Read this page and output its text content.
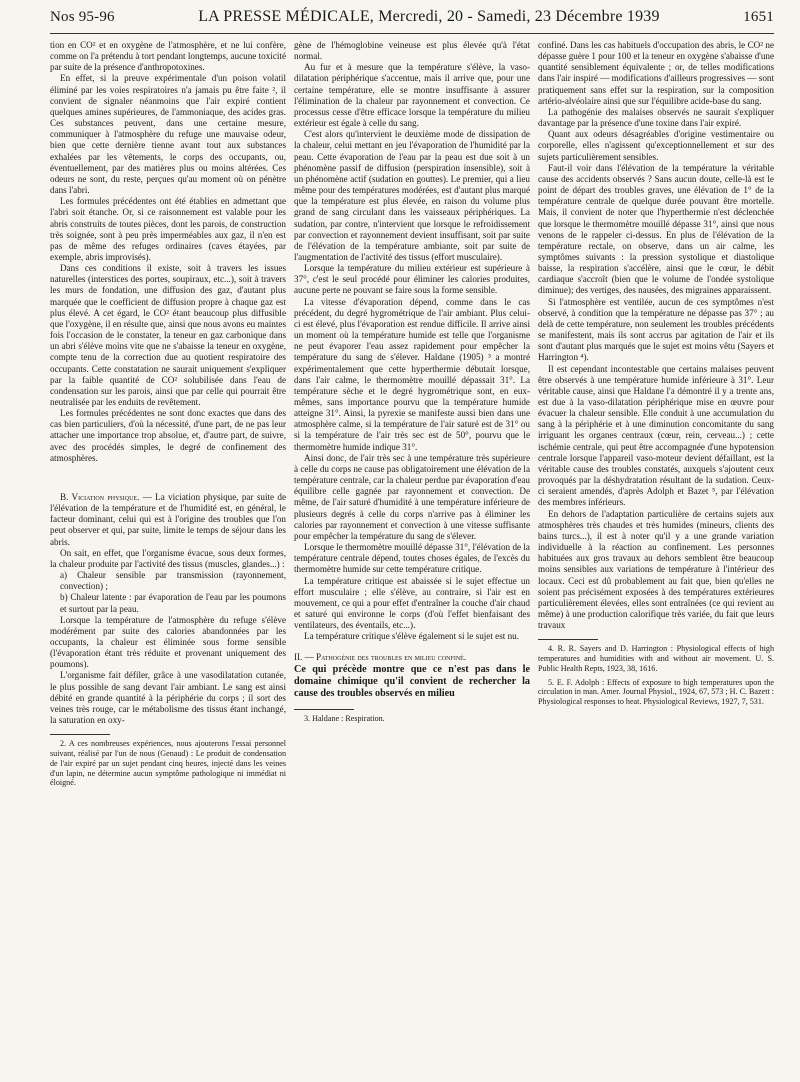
Nos 95-96	LA PRESSE MÉDICALE, Mercredi, 20 - Samedi, 23 Décembre 1939	1651

tion en CO² et en oxygène de l'atmosphère, et ne lui confère, comme on l'a prétendu à tort pendant longtemps, aucune toxicité par suite de la présence d'anthropotoxines.

En effet, si la preuve expérimentale d'un poison volatil éliminé par les voies respiratoires n'a jamais pu être faite ², il convient de signaler néanmoins que l'air expiré contient quelques amines supérieures, de l'ammoniaque, des acides gras. Ces substances peuvent, dans une certaine mesure, communiquer à l'atmosphère du refuge une mauvaise odeur, bien que cette dernière tienne avant tout aux substances exhalées par les vêtements, le corps des occupants, ou, éventuellement, par des matières plus ou moins altérées. Ces odeurs ne sont, du reste, perçues qu'au moment où on pénètre dans l'abri.

Les formules précédentes ont été établies en admettant que l'abri soit étanche. Or, si ce raisonnement est valable pour les abris construits de toutes pièces, dont les parois, de construction très soignée, sont à peu près imperméables aux gaz, il n'en est pas de même des refuges ordinaires (caves étayées, par exemple, abris improvisés).

Dans ces conditions il existe, soit à travers les issues naturelles (interstices des portes, soupiraux, etc...), soit à travers les murs de fondation, une diffusion des gaz, d'autant plus marquée que le coefficient de diffusion propre à chaque gaz est plus élevé. A cet égard, le CO² étant beaucoup plus diffusible que l'oxygène, il en résulte que, ainsi que nous avons eu maintes fois l'occasion de le constater, la teneur en gaz carbonique dans un abri s'élève moins vite que ne s'abaisse la teneur en oxygène, compte tenu de la correction due au quotient respiratoire des occupants. Cette constatation ne saurait uniquement s'expliquer par la faible quantité de CO² solubilisée dans l'eau de condensation sur les parois, ainsi que par celle qui pourrait être neutralisée par les enduits de revêtement.

Les formules précédentes ne sont donc exactes que dans des cas bien particuliers, d'où la nécessité, d'une part, de ne pas leur attacher une importance trop absolue, et, d'autre part, de suivre, avec des procédés simples, le degré de confinement des atmosphères.

B. Viciation physique. — La viciation physique, par suite de l'élévation de la température et de l'humidité est, en général, le facteur dominant, celui qui est à l'origine des troubles que l'on peut observer et qui, par suite, limite le temps de séjour dans les abris.

On sait, en effet, que l'organisme évacue, sous deux formes, la chaleur produite par l'activité des tissus (muscles, glandes...) :

a) Chaleur sensible par transmission (rayonnement, convection) ;
b) Chaleur latente : par évaporation de l'eau par les poumons et surtout par la peau.

Lorsque la température de l'atmosphère du refuge s'élève modérément par suite des calories abandonnées par les occupants, la chaleur est éliminée sous forme sensible (l'évaporation étant très réduite et provenant uniquement des poumons).

L'organisme fait défiler, grâce à une vasodilatation cutanée, le plus possible de sang devant l'air ambiant. Le sang est ainsi débité en grande quantité à la périphérie du corps ; il sort des veines très rouge, car le métabolisme des tissus étant inchangé, la saturation en oxy-

2. A ces nombreuses expériences, nous ajouterons l'essai personnel suivant, réalisé par l'un de nous (Genaud) : Le produit de condensation de l'air expiré par un sujet pendant cinq heures, injecté dans les veines d'un lapin, ne détermine aucun symptôme pathologique ni immédiat ni éloigné.

gène de l'hémoglobine veineuse est plus élevée qu'à l'état normal.

Au fur et à mesure que la température s'élève, la vaso-dilatation périphérique s'accentue, mais il arrive que, pour une certaine température, elle se montre insuffisante à assurer l'élimination de la chaleur par rayonnement et convection. Ce processus cesse d'être efficace lorsque la température du milieu extérieur est égale à celle du sang.

C'est alors qu'intervient le deuxième mode de dissipation de la chaleur, celui mettant en jeu l'évaporation de l'humidité par la peau. Cette évaporation de l'eau par la peau est due soit à un phénomène passif de diffusion (perspiration insensible), soit à un phénomène actif (sudation en gouttes). Le premier, qui a lieu même pour des températures modérées, est d'autant plus marqué que la température est plus élevée, en raison du volume plus grand de sang circulant dans les vaisseaux périphériques. La sudation, par contre, n'intervient que lorsque le refroidissement par convection et rayonnement devient insuffisant, soit par suite de l'élévation de la température ambiante, soit par suite de l'augmentation de l'activité des tissus (effort musculaire).

Lorsque la température du milieu extérieur est supérieure à 37°, c'est le seul procédé pour éliminer les calories produites, aucune perte ne pouvant se faire sous la forme sensible.

La vitesse d'évaporation dépend, comme dans le cas précédent, du degré hygrométrique de l'air ambiant. Plus celui-ci est élevé, plus l'évaporation est rendue difficile. Il arrive ainsi un moment où la température humide est telle que l'organisme ne peut évaporer l'eau assez rapidement pour empêcher la température du sang de s'élever. Haldane (1905) ³ a montré expérimentalement que cette hyperthermie débutait lorsque, dans l'air calme, le thermomètre mouillé dépassait 31°. La température sèche et le degré hygrométrique sont, en eux-mêmes, sans importance pourvu que la température humide atteigne 31°. Ainsi, la pyrexie se manifeste aussi bien dans une atmosphère calme, si la température de l'air saturé est de 31° ou si la température de l'air très sec est de 50°, pourvu que le thermomètre humide indique 31°.

Ainsi donc, de l'air très sec à une température très supérieure à celle du corps ne cause pas obligatoirement une élévation de la température centrale, car la chaleur perdue par évaporation d'eau équilibre celle gagnée par rayonnement et convection. De même, de l'air saturé d'humidité à une température inférieure de plusieurs degrés à celle du corps n'arrive pas à éliminer les calories par rayonnement et convection à une vitesse suffisante pour empêcher la température du sang de s'élever.

Lorsque le thermomètre mouillé dépasse 31°, l'élévation de la température centrale dépend, toutes choses égales, de l'excès du thermomètre humide sur cette température critique.

La température critique est abaissée si le sujet effectue un effort musculaire ; elle s'élève, au contraire, si l'air est en mouvement, ce qui a pour effet d'entraîner la couche d'air chaud et saturé qui environne le corps (d'où l'effet bienfaisant des ventilateurs, des éventails, etc...).

La température critique s'élève également si le sujet est nu.

II. — Pathogénie des troubles en milieu confiné.

Ce qui précède montre que ce n'est pas dans le domaine chimique qu'il convient de rechercher la cause des troubles observés en milieu

3. Haldane : Respiration.

confiné. Dans les cas habituels d'occupation des abris, le CO² ne dépasse guère 1 pour 100 et la teneur en oxygène s'abaisse d'une quantité sensiblement équivalente ; or, de telles modifications dans l'air inspiré — modifications d'ailleurs progressives — sont pratiquement sans effet sur la respiration, sur la composition artério-alvéolaire ainsi que sur l'équilibre acide-base du sang.

La pathogénie des malaises observés ne saurait s'expliquer davantage par la présence d'une toxine dans l'air expiré.

Quant aux odeurs désagréables d'origine vestimentaire ou corporelle, elles n'agissent qu'exceptionnellement et sur des sujets particulièrement sensibles.

Faut-il voir dans l'élévation de la température la véritable cause des accidents observés ? Sans aucun doute, celle-là est le point de départ des troubles graves, une élévation de 1° de la température centrale de quelque durée pouvant être mortelle. Mais, il convient de noter que l'hyperthermie n'est déclenchée que lorsque le thermomètre mouillé dépasse 31°, ainsi que nous venons de le rappeler ci-dessus. En plus de l'élévation de la température rectale, on observe, dans un air calme, les symptômes suivants : la pression systolique et diastolique baisse, la respiration s'accélère, ainsi que le cœur, le débit cardiaque s'accroît (bien que le volume de l'ondée systolique diminue); des vertiges, des nausées, des migraines apparaissent.

Si l'atmosphère est ventilée, aucun de ces symptômes n'est observé, à condition que la température ne dépasse pas 37° ; au delà de cette température, non seulement les troubles précédents se manifestent, mais ils sont accrus par agitation de l'air et ils sont d'autant plus marqués que le sujet est moins vêtu (Sayers et Harrington ⁴).

Il est cependant incontestable que certains malaises peuvent être observés à une température humide inférieure à 31°. Leur véritable cause, ainsi que Haldane l'a démontré il y a trente ans, est due à la vaso-dilatation périphérique mise en œuvre pour évacuer la chaleur sensible. Elle conduit à une accumulation du sang à la périphérie et à une diminution concomitante du sang irriguant les organes centraux (cœur, rein, cerveau...) ; cette ischémie centrale, qui peut être accompagnée d'une hypotension centrale lorsque l'appareil vaso-moteur devient défaillant, est la véritable cause des troubles constatés, auxquels s'ajoutent ceux provoqués par la déshydratation résultant de la sudation. Ceux-ci seraient amendés, d'après Adolph et Bazet ⁵, par l'élévation des membres inférieurs.

En dehors de l'adaptation particulière de certains sujets aux atmosphères très chaudes et très humides (mineurs, clients des bains turcs...), il est à noter qu'il y a une grande variation individuelle à la réaction au confinement. Les personnes habituées aux gros travaux au dehors semblent être beaucoup moins sensibles aux variations de température à l'intérieur des locaux. Ceci est dû probablement au fait que, bien qu'elles ne soient pas précisément exposées à des températures extérieures particulièrement élevées, elles sont entraînées (ce qui revient au même) à une production calorifique très variée, du fait que leurs travaux

4. R. R. Sayers and D. Harrington : Physiological effects of high temperatures and humidities with and without air movement. U. S. Public Health Repts, 1923, 38, 1616.

5. E. F. Adolph : Effects of exposure to high temperatures upon the circulation in man. Amer. Journal Physiol., 1924, 67, 573 ; H. C. Bazett : Physiological responses to heat. Physiological Reviews, 1927, 7, 531.
